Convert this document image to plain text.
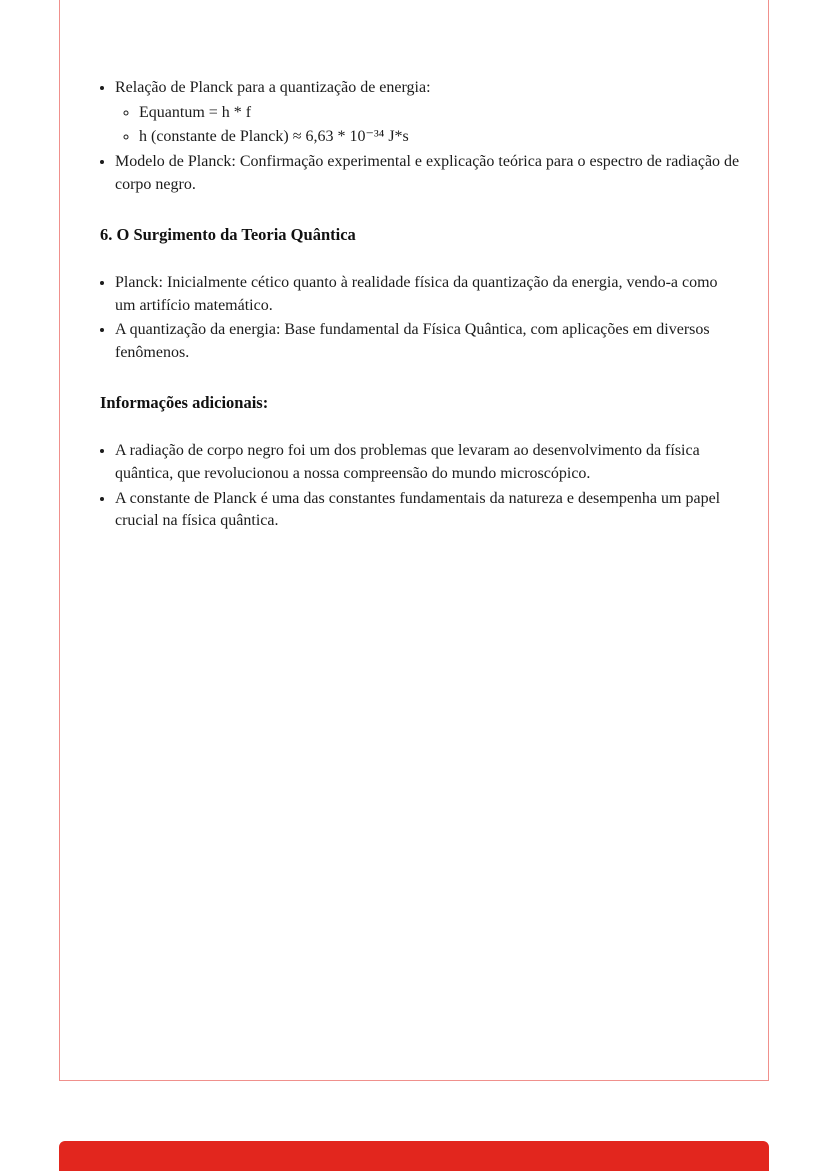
• Relação de Planck para a quantização de energia:
◦ Equantum = h * f
◦ h (constante de Planck) ≈ 6,63 * 10⁻³⁴ J*s
• Modelo de Planck: Confirmação experimental e explicação teórica para o espectro de radiação de corpo negro.
6. O Surgimento da Teoria Quântica
• Planck: Inicialmente cético quanto à realidade física da quantização da energia, vendo-a como um artifício matemático.
• A quantização da energia: Base fundamental da Física Quântica, com aplicações em diversos fenômenos.
Informações adicionais:
• A radiação de corpo negro foi um dos problemas que levaram ao desenvolvimento da física quântica, que revolucionou a nossa compreensão do mundo microscópico.
• A constante de Planck é uma das constantes fundamentais da natureza e desempenha um papel crucial na física quântica.
